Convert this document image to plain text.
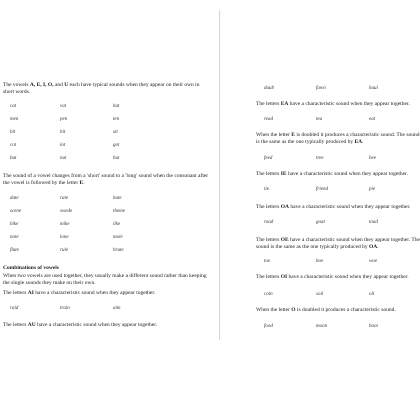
The vowels A, E, I, O, and U each have typical sounds when they appear on their own in short words.

cat	vat	hat
men	pen	ten
bit	hit	sit
cot	lot	got
but	nut	hut

The sound of a vowel changes from a 'short' sound to a 'long' sound when the consonant after the vowel is followed by the letter E.

date	rate	hate
scene	swede	theme
bike	mike	like
note	lone	mole
flute	rule	brute

Combinations of vowels

When two vowels are used together, they usually make a different sound rather than keeping the single sounds they make on their own.

The letters AI have a characteristic sound when they appear together.

raid	train	aim

The letters AU have a characteristic sound when they appear together.

daub	fawn	haul

The letters EA have a characteristic sound when they appear together.

read	tea	eat

When the letter E is doubled it produces a characteristic sound. The sound is the same as the one typically produced by EA.

feed	tree	bee

The letters IE have a characteristic sound when they appear together.

tie	friend	pie

The letters OA have a characteristic sound when they appear together.

road	goat	toad

The letters OE have a characteristic sound when they appear together. The sound is the same as the one typically produced by OA.

toe	hoe	woe

The letters OI have a characteristic sound when they appear together.

coin	soil	oil

When the letter O is doubled it produces a characteristic sound.

food	moon	boot
